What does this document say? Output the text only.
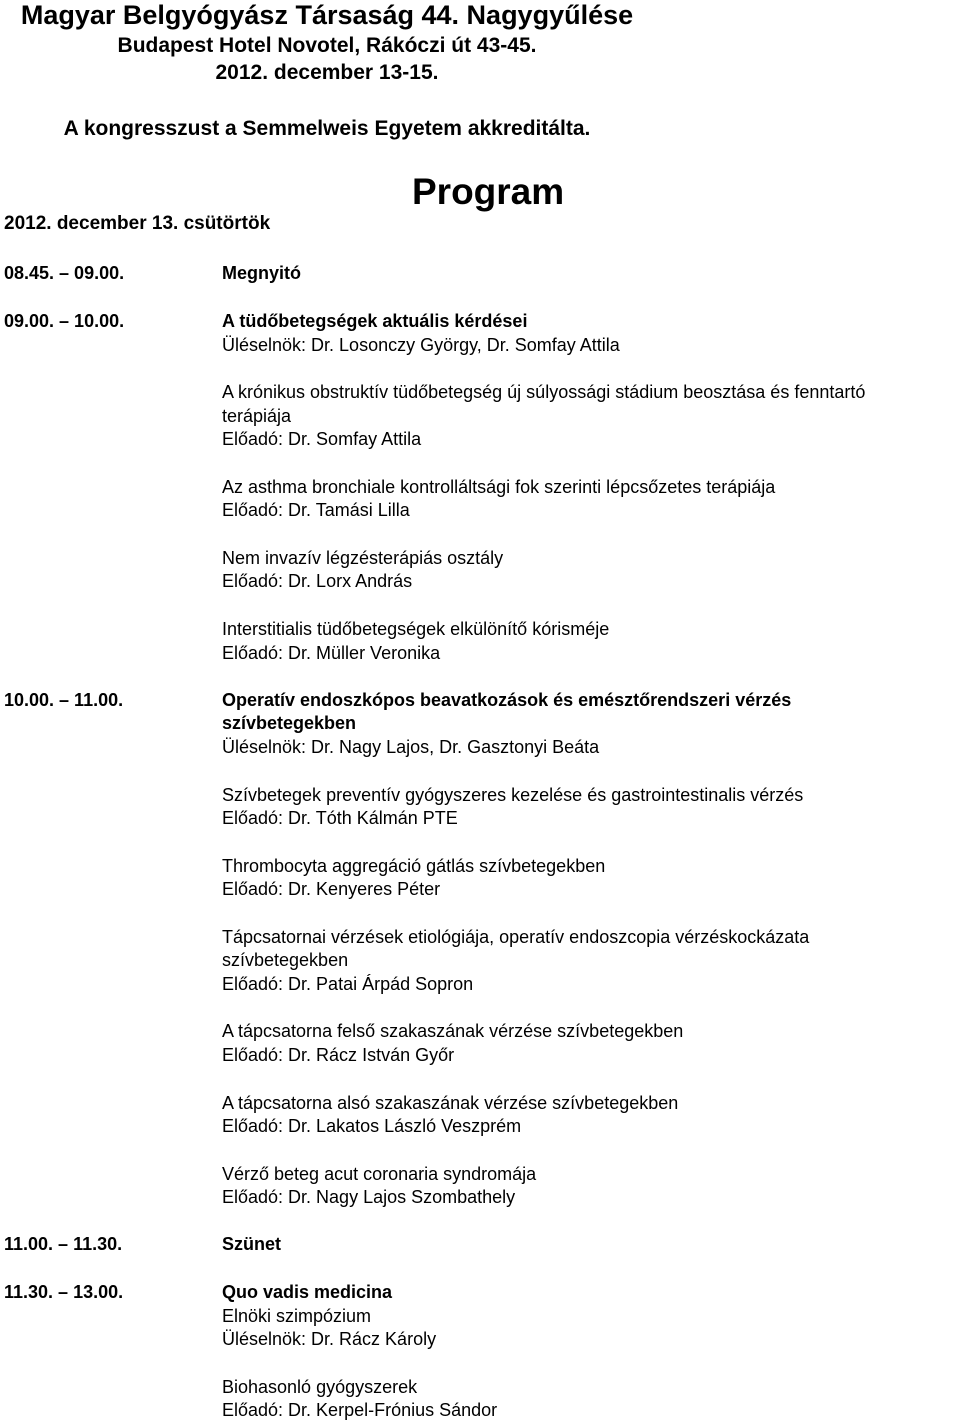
Magyar Belgyógyász Társaság 44. Nagygyűlése
Budapest Hotel Novotel, Rákóczi út 43-45.
2012. december 13-15.
A kongresszust a Semmelweis Egyetem akkreditálta.
Program
2012. december 13. csütörtök
08.45. – 09.00.	Megnyitó
09.00. – 10.00.	A tüdőbetegségek aktuális kérdései
Üléselnök: Dr. Losonczy György, Dr. Somfay Attila
A krónikus obstruktív tüdőbetegség új súlyossági stádium beosztása és fenntartó
terápiája
Előadó: Dr. Somfay Attila
Az asthma bronchiale kontrolláltsági fok szerinti lépcsőzetes terápiája
Előadó: Dr. Tamási Lilla
Nem invazív légzésterápiás osztály
Előadó: Dr. Lorx András
Interstitialis tüdőbetegségek elkülönítő kórisméje
Előadó: Dr. Müller Veronika
10.00. – 11.00.	Operatív endoszkópos beavatkozások és emésztőrendszeri vérzés
szívbetegekben
Üléselnök: Dr. Nagy Lajos, Dr. Gasztonyi Beáta
Szívbetegek preventív gyógyszeres kezelése és gastrointestinalis vérzés
Előadó: Dr. Tóth Kálmán PTE
Thrombocyta aggregáció gátlás szívbetegekben
Előadó: Dr. Kenyeres Péter
Tápcsatornai vérzések etiológiája, operatív endoszcopia vérzéskockázata
szívbetegekben
Előadó: Dr. Patai Árpád Sopron
A tápcsatorna felső szakaszának vérzése szívbetegekben
Előadó: Dr. Rácz István Győr
A tápcsatorna alsó szakaszának vérzése szívbetegekben
Előadó: Dr. Lakatos László Veszprém
Vérző beteg acut coronaria syndromája
Előadó: Dr. Nagy Lajos Szombathely
11.00. – 11.30.	Szünet
11.30. – 13.00.	Quo vadis medicina
Elnöki szimpózium
Üléselnök: Dr. Rácz Károly
Biohasonló gyógyszerek
Előadó: Dr. Kerpel-Frónius Sándor
